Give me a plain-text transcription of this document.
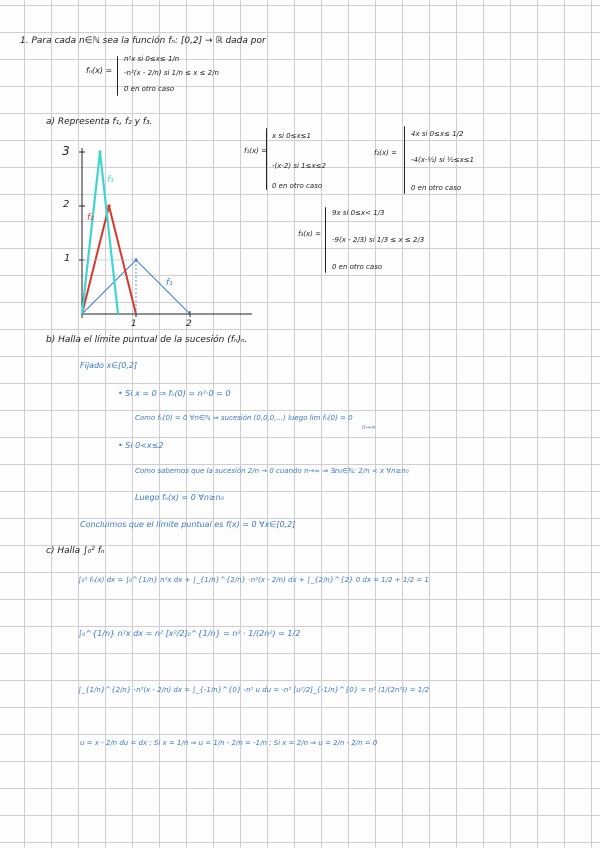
1. Para cada n∈ℕ sea la función fₙ: [0,2] → ℝ dada por
fₙ(x) =
n²x si 0≤x≤ 1/n
-n²(x - 2/n) si 1/n ≤ x ≤ 2/n
0 en otro caso
a) Representa f₁, f₂ y f₃.
f₁(x) =
x si 0≤x≤1
-(x-2) si 1≤x≤2
0 en otro caso
f₂(x) =
4x si 0≤x≤ 1/2
-4(x-½) si ½≤x≤1
0 en otro caso
f₃(x) =
9x si 0≤x< 1/3
-9(x - 2/3) si 1/3 ≤ x ≤ 2/3
0 en otro caso
3
2
1
1	2
f₁
f₂
f₃
b) Halla el límite puntual de la sucesión (fₙ)ₙ.
Fijado x∈[0,2]
• Si x = 0 ⇒ fₙ(0) = n²·0 = 0
Como fₙ(0) = 0 ∀n∈ℕ ⇒ sucesión (0,0,0,...) luego lim fₙ(0) = 0
n→∞
• Si 0<x≤2
Como sabemos que la sucesión 2/n → 0 cuando n→∞ ⇒ ∃n₀∈ℕ: 2/n < x ∀n≥n₀
Luego fₙ(x) = 0 ∀n≥n₀
Concluimos que el límite puntual es f(x) = 0 ∀x∈[0,2]
c) Halla ∫₀² fₙ
∫₀² fₙ(x) dx = ∫₀^{1/n} n²x dx + ∫_{1/n}^{2/n} -n²(x - 2/n) dx + ∫_{2/n}^{2} 0 dx = 1/2 + 1/2 = 1
∫₀^{1/n} n²x dx = n² [x²/2]₀^{1/n} = n² · 1/(2n²) = 1/2
∫_{1/n}^{2/n} -n²(x - 2/n) dx = ∫_{-1/n}^{0} -n² u du = -n² [u²/2]_{-1/n}^{0} = n² (1/(2n²)) = 1/2
u = x - 2/n du = dx ; Si x = 1/n ⇒ u = 1/n - 2/n = -1/n ; Si x = 2/n ⇒ u = 2/n - 2/n = 0
